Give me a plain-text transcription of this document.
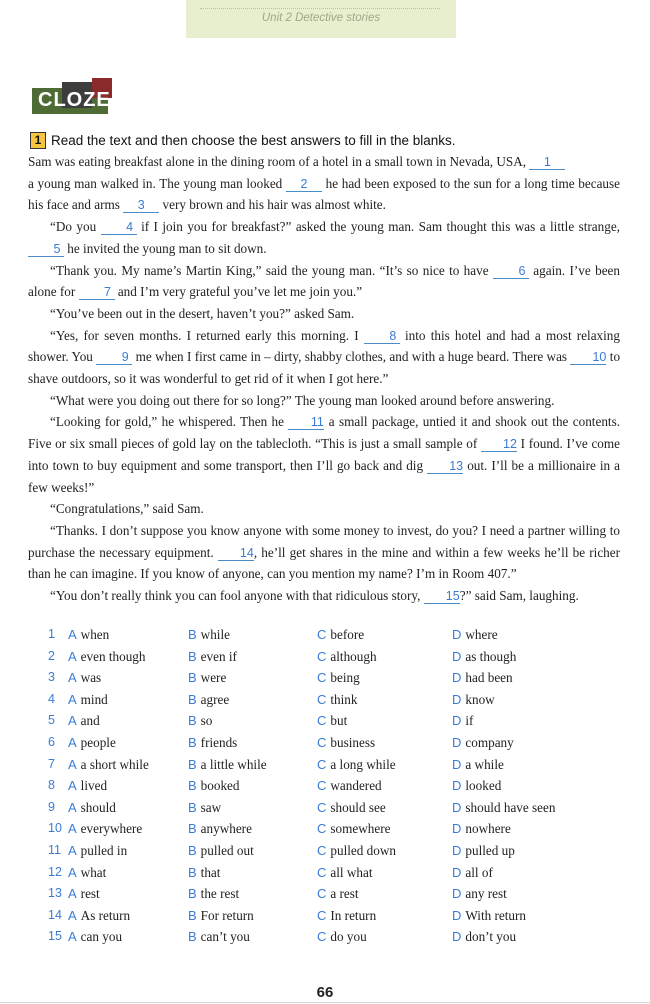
Unit 2 Detective stories
CLOZE
1 Read the text and then choose the best answers to fill in the blanks.

Sam was eating breakfast alone in the dining room of a hotel in a small town in Nevada, USA, 1
a young man walked in. The young man looked 2 he had been exposed to the sun for a long time because his face and arms 3 very brown and his hair was almost white.

“Do you 4 if I join you for breakfast?” asked the young man. Sam thought this was a little strange, 5 he invited the young man to sit down.

“Thank you. My name’s Martin King,” said the young man. “It’s so nice to have 6 again. I’ve been alone for 7 and I’m very grateful you’ve let me join you.”

“You’ve been out in the desert, haven’t you?” asked Sam.

“Yes, for seven months. I returned early this morning. I 8 into this hotel and had a most relaxing shower. You 9 me when I first came in – dirty, shabby clothes, and with a huge beard. There was 10 to shave outdoors, so it was wonderful to get rid of it when I got here.”

“What were you doing out there for so long?” The young man looked around before answering.

“Looking for gold,” he whispered. Then he 11 a small package, untied it and shook out the contents. Five or six small pieces of gold lay on the tablecloth. “This is just a small sample of 12 I found. I’ve come into town to buy equipment and some transport, then I’ll go back and dig 13 out. I’ll be a millionaire in a few weeks!”

“Congratulations,” said Sam.

“Thanks. I don’t suppose you know anyone with some money to invest, do you? I need a partner willing to purchase the necessary equipment. 14, he’ll get shares in the mine and within a few weeks he’ll be richer than he can imagine. If you know of anyone, can you mention my name? I’m in Room 407.”

“You don’t really think you can fool anyone with that ridiculous story, 15?” said Sam, laughing.

1 A when	B while	C before	D where
2 A even though	B even if	C although	D as though
3 A was	B were	C being	D had been
4 A mind	B agree	C think	D know
5 A and	B so	C but	D if
6 A people	B friends	C business	D company
7 A a short while	B a little while	C a long while	D a while
8 A lived	B booked	C wandered	D looked
9 A should	B saw	C should see	D should have seen
10 A everywhere	B anywhere	C somewhere	D nowhere
11 A pulled in	B pulled out	C pulled down	D pulled up
12 A what	B that	C all what	D all of
13 A rest	B the rest	C a rest	D any rest
14 A As return	B For return	C In return	D With return
15 A can you	B can’t you	C do you	D don’t you
66
